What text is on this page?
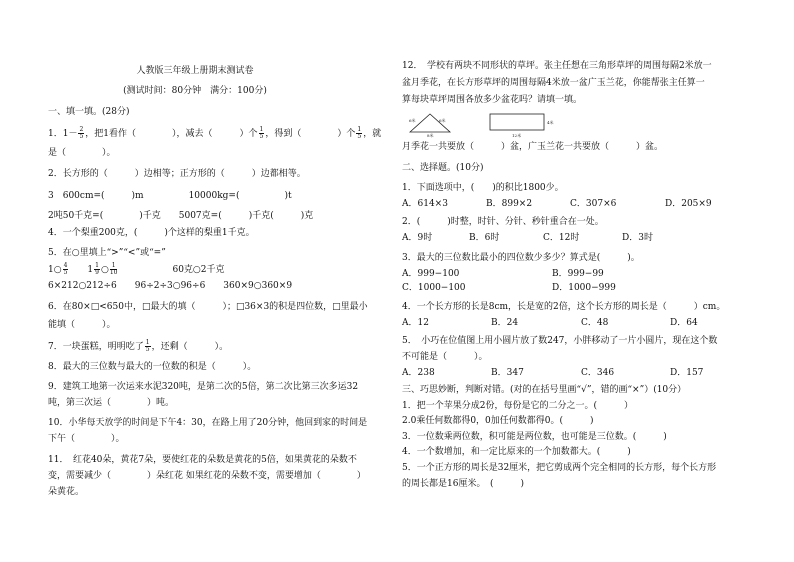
人教版三年级上册期末测试卷
(测试时间：80分钟　满分：100分)
一、填一填。(28分)
1．$1- \frac{2}{5}$ ，把1看作（　　　　），减去（　　　）个 $\frac{1}{5}$ ，得到（　　　　）个 $\frac{1}{5}$ ，就
是（　　　　）。
2．长方形的（　　　）边相等；正方形的（　　　）边都相等。
3　600cm=(　　　)m　　　　　10000kg=(　　　　　)t
2吨50千克=(　　　　)千克　　5007克=(　　　)千克(　　　)克
4．一个梨重200克，(　　　)个这样的梨重1千克。
5．在○里填上“>”“<”或“=”
1○ $\frac{4}{5}$ 　　$1 \frac{1}{9}$ ○ $\frac{1}{10}$ 　　　　　　60克○2千克
6×212○212÷6　　96÷2÷3○96÷6　　360×9○360×9
6．在80×□<650中，□最大的填（　　　）；□36×3的积是四位数，□里最小
能填（　　　）。
7．一块蛋糕，明明吃了 $\frac{1}{5}$ ，还剩（　　　）。
8．最大的三位数与最大的一位数的积是（　　　）。
9．建筑工地第一次运来水泥320吨，是第二次的5倍，第二次比第三次多运32
吨，第三次运（　　　　）吨。
10．小华每天放学的时间是下午4：30，在路上用了20分钟，他回到家的时间是
下午（　　　　）。
11．　红花40朵，黄花7朵，要使红花的朵数是黄花的5倍，如果黄花的朵数不
变，需要减少（　　　　）朵红花 如果红花的朵数不变，需要增加（　　　　）
朵黄花。
12．　学校有两块不同形状的草坪。张主任想在三角形草坪的周围每隔2米放一
盆月季花，在长方形草坪的周围每隔4米放一盆广玉兰花，你能帮张主任算一
算每块草坪周围各放多少盆花吗？请填一填。
6米	6米
8米	12米
4米
月季花一共要放（　　　）盆，广玉兰花一共要放（　　　）盆。
二、选择题。(10分)
1．下面选项中，(　　)的积比1800少。
A．614×3	B．899×2	C．307×6	D．205×9
2．(　　　)时整，时针、分针、秒针重合在一处。
A．9时	B．6时	C．12时	D．3时
3．最大的三位数比最小的四位数少多少？算式是(　　　)。
A．999−100	B．999−99
C．1000−100	D．1000−999
4．一个长方形的长是8cm，长是宽的2倍，这个长方形的周长是（　　　）cm。
A．12	B．24	C．48	D．64
5．　小巧在位值图上用小圆片放了数247，小胖移动了一片小圆片，现在这个数
不可能是（　　　）。
A．238	B．347	C．346	D．157
三、巧思妙断，判断对错。(对的在括号里画“√”，错的画“×”）(10分）
1．把一个苹果分成2份，每份是它的二分之一。(　　　）
2.0乘任何数都得0，0加任何数都得0。(　　　)
3．一位数乘两位数，积可能是两位数，也可能是三位数。(　　　)
4．一个数增加，和一定比原来的一个加数都大。(　　　)
5．一个正方形的周长是32厘米，把它剪成两个完全相同的长方形，每个长方形
的周长都是16厘米。　(　　　)
